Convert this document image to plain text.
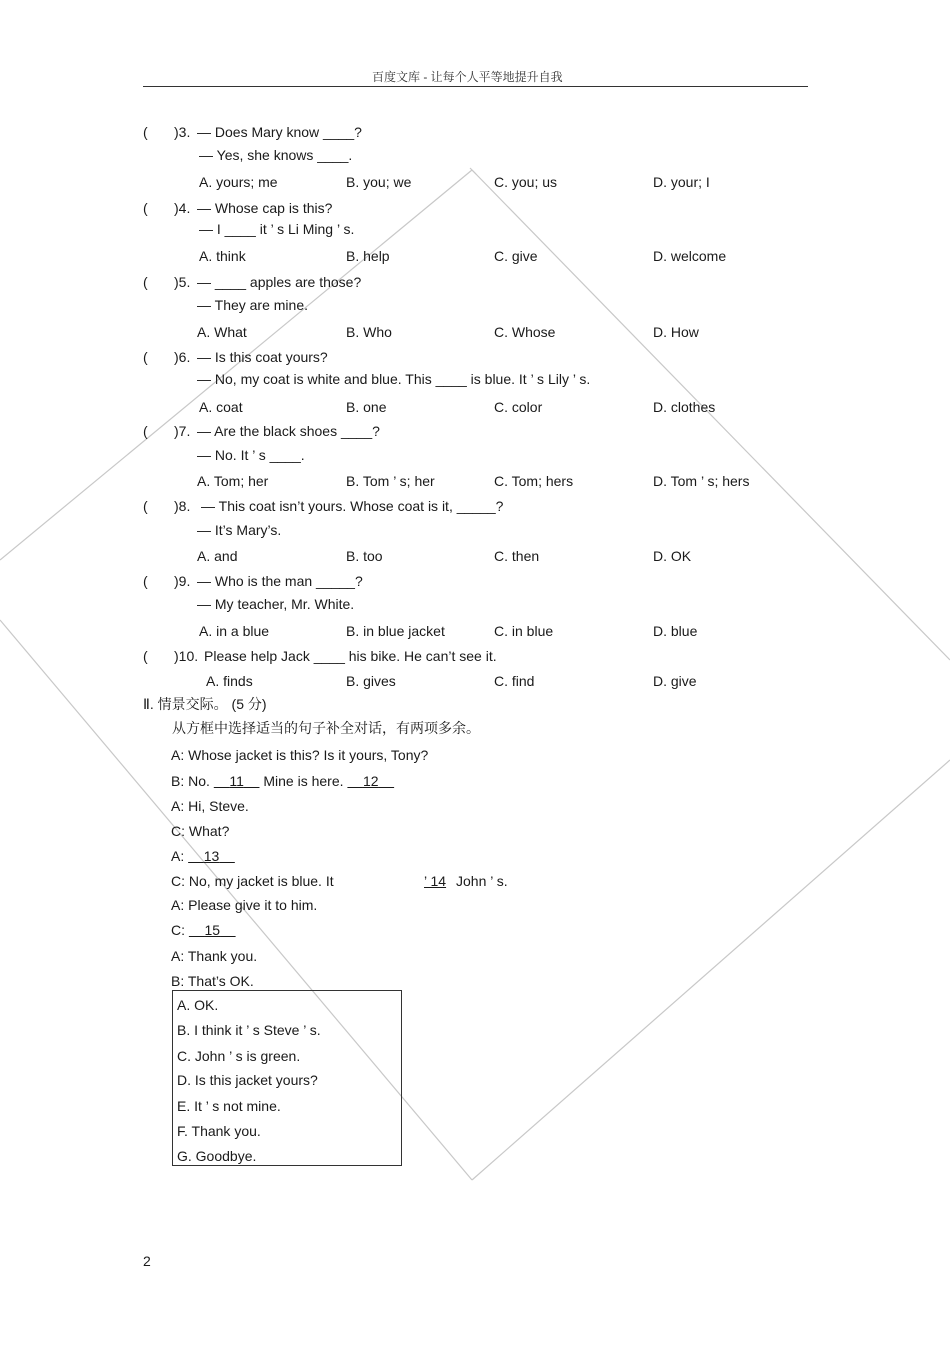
百度文库 - 让每个人平等地提升自我
( )3. — Does Mary know ____?
— Yes, she knows ____.
A. yours; me	B. you; we	C. you; us	D. your; I
( )4. — Whose cap is this?
— I ____ it ’ s Li Ming ’ s.
A. think	B. help	C. give	D. welcome
( )5. — ____ apples are those?
— They are mine.
A. What	B. Who	C. Whose	D. How
( )6. — Is this coat yours?
— No, my coat is white and blue. This ____ is blue. It ’ s Lily ’ s.
A. coat	B. one	C. color	D. clothes
( )7. — Are the black shoes ____?
— No. It ’ s ____.
A. Tom; her	B. Tom ’ s; her	C. Tom; hers	D. Tom ’ s; hers
( )8. — This coat isn’t yours. Whose coat is it, _____?
— It’s Mary’s.
A. and	B. too	C. then	D. OK
( )9. — Who is the man _____?
— My teacher, Mr. White.
A. in a blue	B. in blue jacket	C. in blue	D. blue
( )10. Please help Jack ____ his bike. He can’t see it.
A. finds	B. gives	C. find	D. give
Ⅱ. 情景交际。 (5 分)
从方框中选择适当的句子补全对话，有两项多余。
A: Whose jacket is this? Is it yours, Tony?
B: No.     11     Mine is here.     12
A: Hi, Steve.
C: What?
A:     13
C: No, my jacket is blue. It	’ 14 John ’ s.
A: Please give it to him.
C:     15
A: Thank you.
B: That’s OK.
A. OK.
B. I think it ’ s Steve ’ s.
C. John ’ s is green.
D. Is this jacket yours?
E. It ’ s not mine.
F. Thank you.
G. Goodbye.
2
